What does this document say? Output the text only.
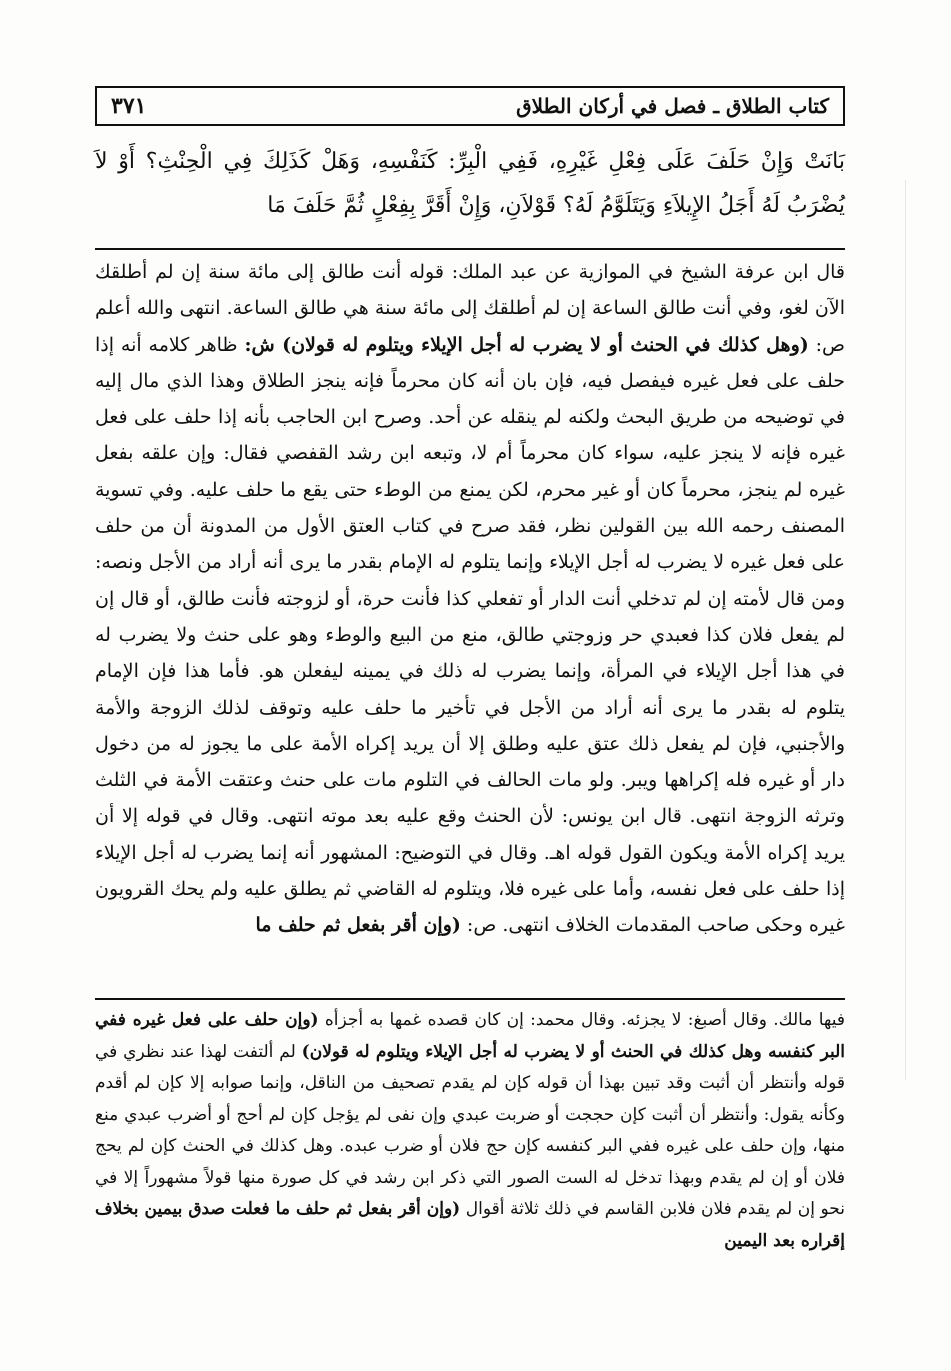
كتاب الطلاق ـ فصل في أركان الطلاق
٣٧١

بَانَتْ وَإِنْ حَلَفَ عَلَى فِعْلِ غَيْرِهِ، فَفِي الْبِرِّ: كَنَفْسِهِ، وَهَلْ كَذَلِكَ فِي الْحِنْثِ؟ أَوْ لاَ يُضْرَبُ لَهُ أَجَلُ الإِيلاَءِ وَيَتَلَوَّمُ لَهُ؟ قَوْلاَنِ، وَإِنْ أَقَرَّ بِفِعْلٍ ثُمَّ حَلَفَ مَا

قال ابن عرفة الشيخ في الموازية عن عبد الملك: قوله أنت طالق إلى مائة سنة إن لم أطلقك الآن لغو، وفي أنت طالق الساعة إن لم أطلقك إلى مائة سنة هي طالق الساعة. انتهى والله أعلم ص: (وهل كذلك في الحنث أو لا يضرب له أجل الإيلاء ويتلوم له قولان) ش: ظاهر كلامه أنه إذا حلف على فعل غيره فيفصل فيه، فإن بان أنه كان محرماً فإنه ينجز الطلاق وهذا الذي مال إليه في توضيحه من طريق البحث ولكنه لم ينقله عن أحد. وصرح ابن الحاجب بأنه إذا حلف على فعل غيره فإنه لا ينجز عليه، سواء كان محرماً أم لا، وتبعه ابن رشد القفصي فقال: وإن علقه بفعل غيره لم ينجز، محرماً كان أو غير محرم، لكن يمنع من الوطء حتى يقع ما حلف عليه. وفي تسوية المصنف رحمه الله بين القولين نظر، فقد صرح في كتاب العتق الأول من المدونة أن من حلف على فعل غيره لا يضرب له أجل الإيلاء وإنما يتلوم له الإمام بقدر ما يرى أنه أراد من الأجل ونصه: ومن قال لأمته إن لم تدخلي أنت الدار أو تفعلي كذا فأنت حرة، أو لزوجته فأنت طالق، أو قال إن لم يفعل فلان كذا فعبدي حر وزوجتي طالق، منع من البيع والوطء وهو على حنث ولا يضرب له في هذا أجل الإيلاء في المرأة، وإنما يضرب له ذلك في يمينه ليفعلن هو. فأما هذا فإن الإمام يتلوم له بقدر ما يرى أنه أراد من الأجل في تأخير ما حلف عليه وتوقف لذلك الزوجة والأمة والأجنبي، فإن لم يفعل ذلك عتق عليه وطلق إلا أن يريد إكراه الأمة على ما يجوز له من دخول دار أو غيره فله إكراهها ويبر. ولو مات الحالف في التلوم مات على حنث وعتقت الأمة في الثلث وترثه الزوجة انتهى. قال ابن يونس: لأن الحنث وقع عليه بعد موته انتهى. وقال في قوله إلا أن يريد إكراه الأمة ويكون القول قوله اهـ. وقال في التوضيح: المشهور أنه إنما يضرب له أجل الإيلاء إذا حلف على فعل نفسه، وأما على غيره فلا، ويتلوم له القاضي ثم يطلق عليه ولم يحك القرويون غيره وحكى صاحب المقدمات الخلاف انتهى. ص: (وإن أقر بفعل ثم حلف ما

فيها مالك. وقال أصبغ: لا يجزئه. وقال محمد: إن كان قصده غمها به أجزأه (وإن حلف على فعل غيره ففي البر كنفسه وهل كذلك في الحنث أو لا يضرب له أجل الإيلاء ويتلوم له قولان) لم ألتفت لهذا عند نظري في قوله وأنتظر أن أثبت وقد تبين بهذا أن قوله كإن لم يقدم تصحيف من الناقل، وإنما صوابه إلا كإن لم أقدم وكأنه يقول: وأنتظر أن أثبت كإن حججت أو ضربت عبدي وإن نفى لم يؤجل كإن لم أحج أو أضرب عبدي منع منها، وإن حلف على غيره ففي البر كنفسه كإن حج فلان أو ضرب عبده. وهل كذلك في الحنث كإن لم يحج فلان أو إن لم يقدم وبهذا تدخل له الست الصور التي ذكر ابن رشد في كل صورة منها قولاً مشهوراً إلا في نحو إن لم يقدم فلان فلابن القاسم في ذلك ثلاثة أقوال (وإن أقر بفعل ثم حلف ما فعلت صدق بيمين بخلاف إقراره بعد اليمين
